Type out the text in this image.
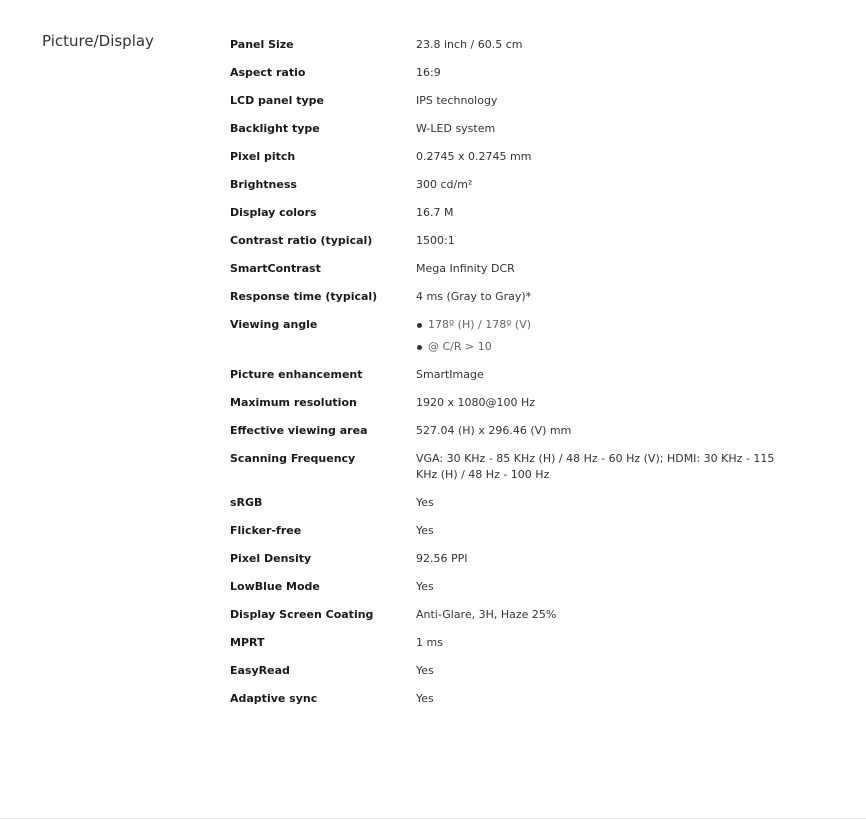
Picture/Display	Panel Size	23.8 inch / 60.5 cm
Aspect ratio	16:9
LCD panel type	IPS technology
Backlight type	W-LED system
Pixel pitch	0.2745 x 0.2745 mm
Brightness	300 cd/m²
Display colors	16.7 M
Contrast ratio (typical)	1500:1
SmartContrast	Mega Infinity DCR
Response time (typical)	4 ms (Gray to Gray)*
Viewing angle	178º (H) / 178º (V)
@ C/R > 10
Picture enhancement	SmartImage
Maximum resolution	1920 x 1080@100 Hz
Effective viewing area	527.04 (H) x 296.46 (V) mm
Scanning Frequency	VGA: 30 KHz - 85 KHz (H) / 48 Hz - 60 Hz (V); HDMI: 30 KHz - 115 KHz (H) / 48 Hz - 100 Hz
sRGB	Yes
Flicker-free	Yes
Pixel Density	92.56 PPI
LowBlue Mode	Yes
Display Screen Coating	Anti-Glare, 3H, Haze 25%
MPRT	1 ms
EasyRead	Yes
Adaptive sync	Yes
